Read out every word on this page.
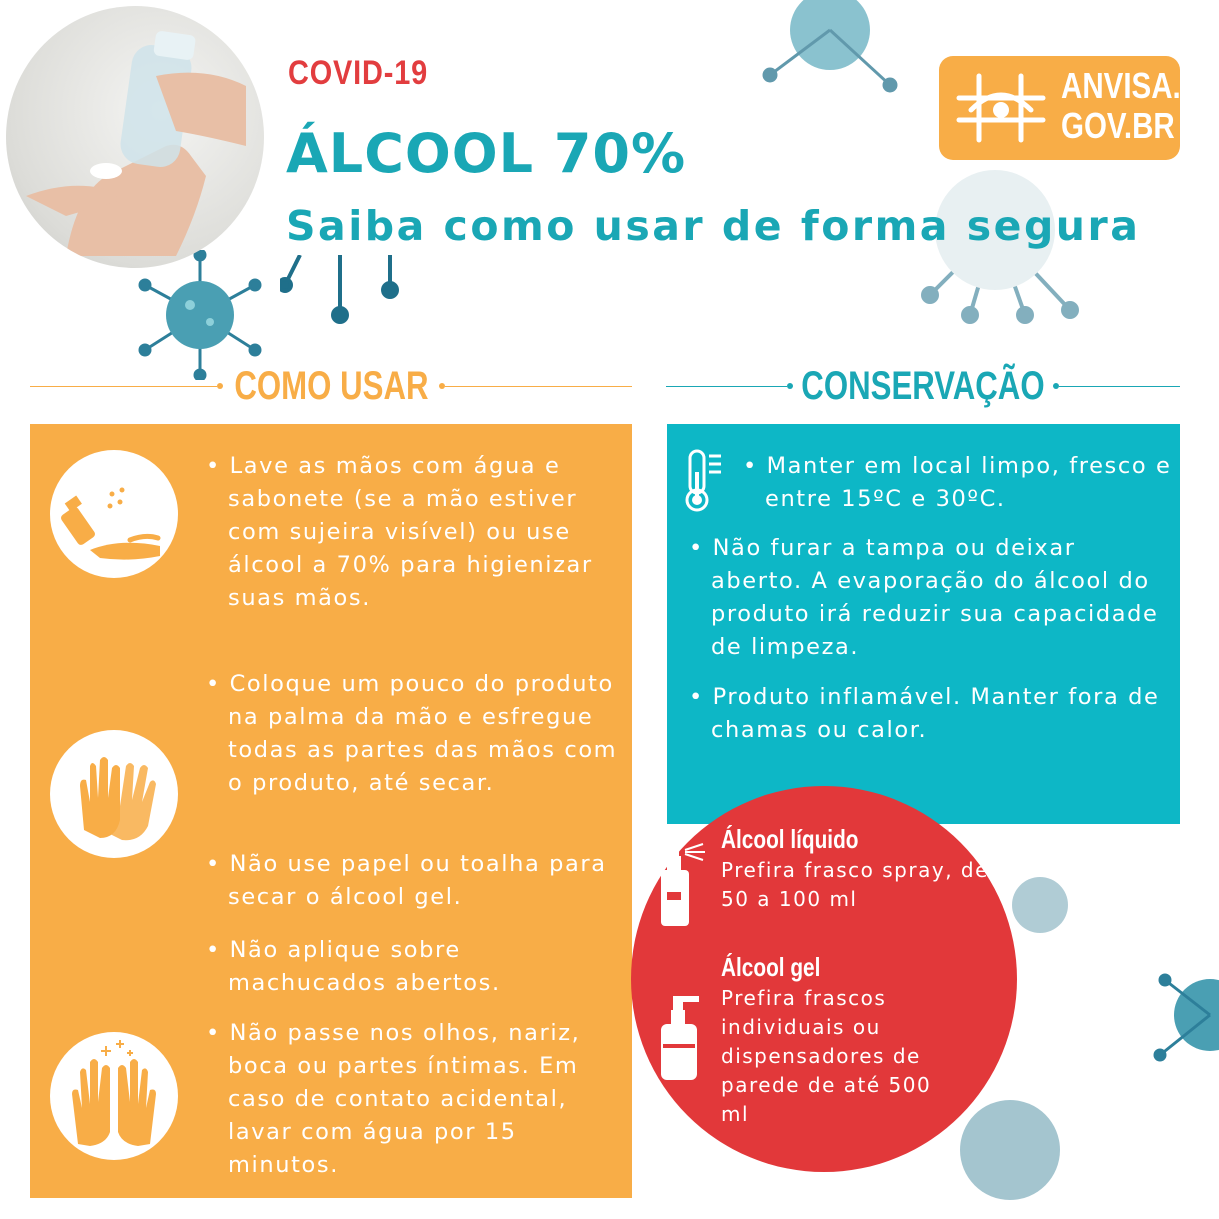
COVID-19
ÁLCOOL 70%
Saiba como usar de forma segura
ANVISA.
GOV.BR
COMO USAR	CONSERVAÇÃO

• Lave as mãos com água e sabonete (se a mão estiver com sujeira visível) ou use álcool a 70% para higienizar suas mãos.

• Coloque um pouco do produto na palma da mão e esfregue todas as partes das mãos com o produto, até secar.

• Não use papel ou toalha para secar o álcool gel.

• Não aplique sobre machucados abertos.

• Não passe nos olhos, nariz, boca ou partes íntimas. Em caso de contato acidental, lavar com água por 15 minutos.

• Manter em local limpo, fresco e entre 15ºC e 30ºC.

• Não furar a tampa ou deixar aberto. A evaporação do álcool do produto irá reduzir sua capacidade de limpeza.

• Produto inflamável. Manter fora de chamas ou calor.

Álcool líquido

Prefira frasco spray, de 50 a 100 ml

Álcool gel

Prefira frascos individuais ou dispensadores de parede de até 500 ml
